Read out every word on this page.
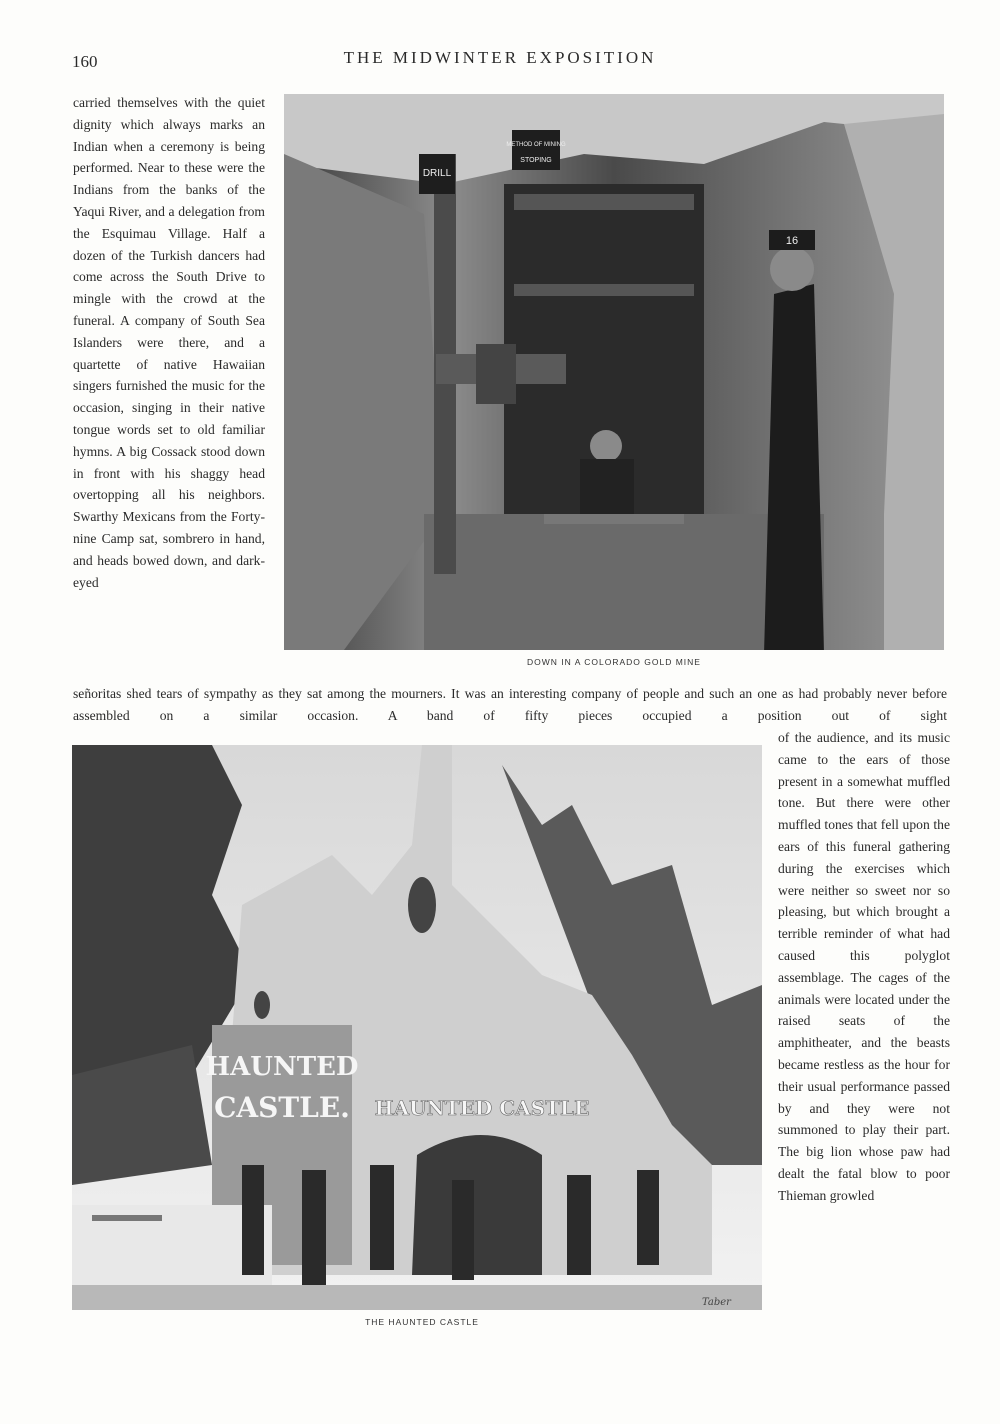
160	THE MIDWINTER EXPOSITION

carried themselves with the quiet dignity which always marks an Indian when a ceremony is being performed. Near to these were the Indians from the banks of the Yaqui River, and a delegation from the Esquimau Village. Half a dozen of the Turkish dancers had come across the South Drive to mingle with the crowd at the funeral. A company of South Sea Islanders were there, and a quartette of native Hawaiian singers furnished the music for the occasion, singing in their native tongue words set to old familiar hymns. A big Cossack stood down in front with his shaggy head overtopping all his neighbors. Swarthy Mexicans from the Forty-nine Camp sat, sombrero in hand, and heads bowed down, and dark-eyed

DRILL
METHOD OF MINING
STOPING
16
DOWN IN A COLORADO GOLD MINE

señoritas shed tears of sympathy as they sat among the mourners. It was an interesting company of people and such an one as had probably never before assembled on a similar occasion. A band of fifty pieces occupied a position out of sight

HAUNTED
CASTLE. HAUNTED CASTLE
Taber
THE HAUNTED CASTLE

of the audience, and its music came to the ears of those present in a somewhat muffled tone. But there were other muffled tones that fell upon the ears of this funeral gathering during the exercises which were neither so sweet nor so pleasing, but which brought a terrible reminder of what had caused this polyglot assemblage. The cages of the animals were located under the raised seats of the amphitheater, and the beasts became restless as the hour for their usual performance passed by and they were not summoned to play their part. The big lion whose paw had dealt the fatal blow to poor Thieman growled
